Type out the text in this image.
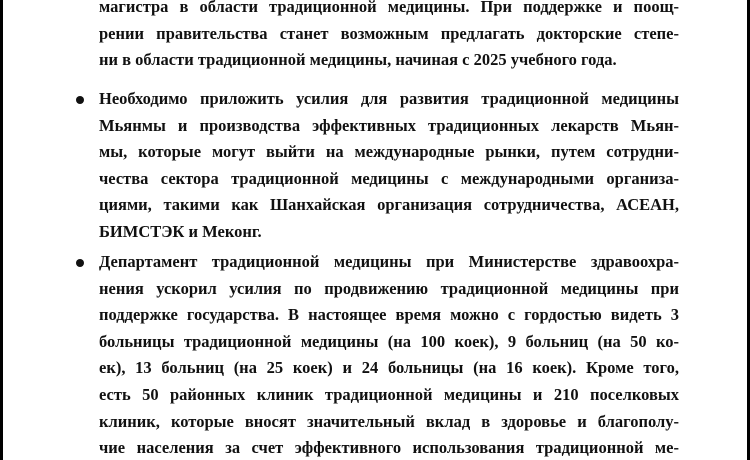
магистра в области традиционной медицины. При поддержке и поощ-
рении правительства станет возможным предлагать докторские степе-
ни в области традиционной медицины, начиная с 2025 учебного года.
Необходимо приложить усилия для развития традиционной медицины
Мьянмы и производства эффективных традиционных лекарств Мьян-
мы, которые могут выйти на международные рынки, путем сотрудни-
чества сектора традиционной медицины с международными организа-
циями, такими как Шанхайская организация сотрудничества, АСЕАН,
БИМСТЭК и Меконг.
Департамент традиционной медицины при Министерстве здравоохра-
нения ускорил усилия по продвижению традиционной медицины при
поддержке государства. В настоящее время можно с гордостью видеть 3
больницы традиционной медицины (на 100 коек), 9 больниц (на 50 ко-
ек), 13 больниц (на 25 коек) и 24 больницы (на 16 коек). Кроме того,
есть 50 районных клиник традиционной медицины и 210 поселковых
клиник, которые вносят значительный вклад в здоровье и благополу-
чие населения за счет эффективного использования традиционной ме-
